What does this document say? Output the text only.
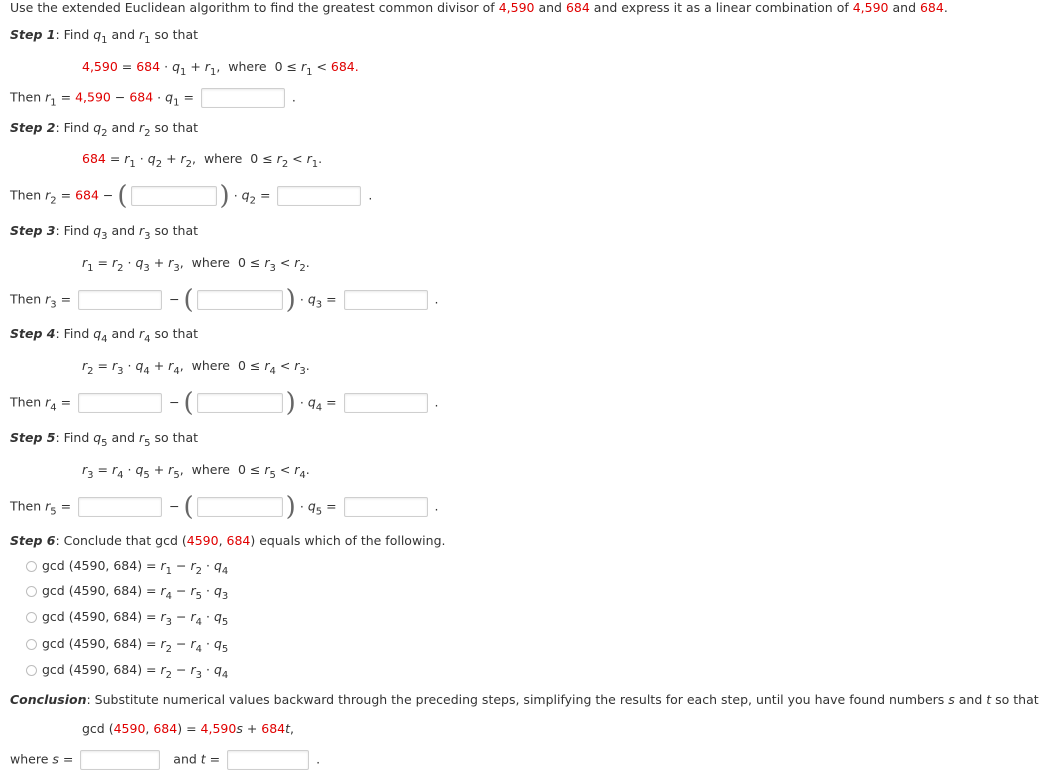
Use the extended Euclidean algorithm to find the greatest common divisor of 4,590 and 684 and express it as a linear combination of 4,590 and 684.
Step 1: Find $q_1$ and $r_1$ so that
$4,590 = 684 \cdot q_1 + r_1$,  where  $0 \le r_1 < 684$.
Then $r_1 = 4,590 - 684 \cdot q_1$ =	.
Step 2: Find $q_2$ and $r_2$ so that
$684 = r_1 \cdot q_2 + r_2$,  where  $0 \le r_2 < r_1$.
Then $r_2 = 684$ − (	) · $q_2$ =	.
Step 3: Find $q_3$ and $r_3$ so that
$r_1 = r_2 \cdot q_3 + r_3$,  where  $0 \le r_3 < r_2$.
Then $r_3$ =	− (	) · $q_3$ =	.
Step 4: Find $q_4$ and $r_4$ so that
$r_2 = r_3 \cdot q_4 + r_4$,  where  $0 \le r_4 < r_3$.
Then $r_4$ =	− (	) · $q_4$ =	.
Step 5: Find $q_5$ and $r_5$ so that
$r_3 = r_4 \cdot q_5 + r_5$,  where  $0 \le r_5 < r_4$.
Then $r_5$ =	− (	) · $q_5$ =	.
Step 6: Conclude that gcd (4590, 684) equals which of the following.
gcd (4590, $684) = r_1 - r_2 \cdot q_4$
gcd (4590, $684) = r_4 - r_5 \cdot q_3$
gcd (4590, $684) = r_3 - r_4 \cdot q_5$
gcd (4590, $684) = r_2 - r_4 \cdot q_5$
gcd (4590, $684) = r_2 - r_3 \cdot q_4$
Conclusion: Substitute numerical values backward through the preceding steps, simplifying the results for each step, until you have found numbers s and t so that
gcd (4590, 684) = 4,590s + 684t,
where s =	and t =	.
